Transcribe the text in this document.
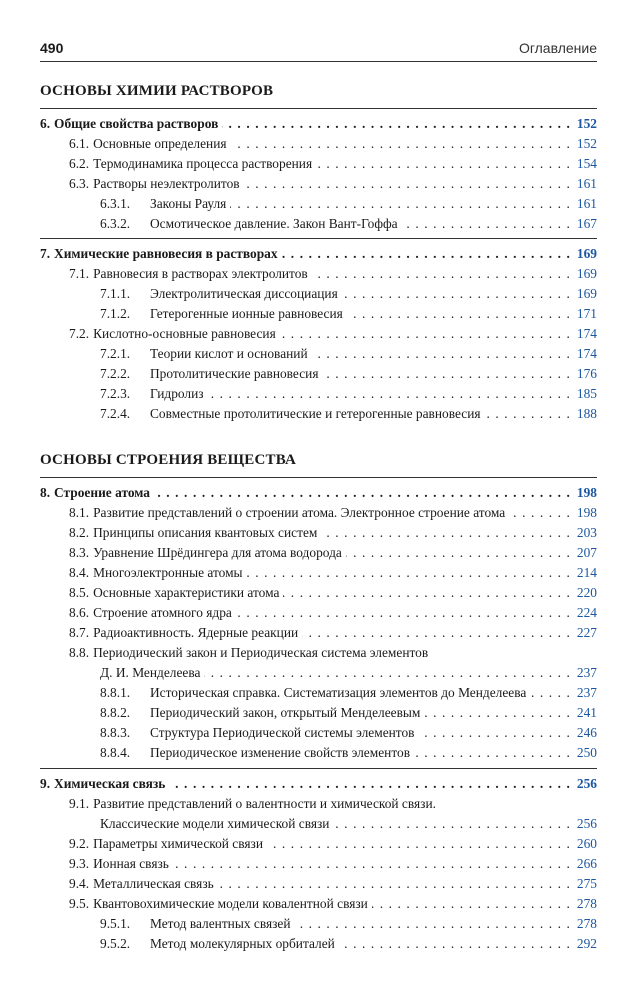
490	Оглавление
ОСНОВЫ ХИМИИ РАСТВОРОВ
6. Общие свойства растворов . . .	152
6.1. Основные определения . . .	152
6.2. Термодинамика процесса растворения . . .	154
6.3. Растворы неэлектролитов . . .	161
6.3.1.	Законы Рауля . . .	161
6.3.2.	Осмотическое давление. Закон Вант-Гоффа . . .	167
7. Химические равновесия в растворах . . .	169
7.1. Равновесия в растворах электролитов . . .	169
7.1.1.	Электролитическая диссоциация . . .	169
7.1.2.	Гетерогенные ионные равновесия . . .	171
7.2. Кислотно-основные равновесия . . .	174
7.2.1.	Теории кислот и оснований . . .	174
7.2.2.	Протолитические равновесия . . .	176
7.2.3.	Гидролиз . . .	185
7.2.4.	Совместные протолитические и гетерогенные равновесия . . .	188
ОСНОВЫ СТРОЕНИЯ ВЕЩЕСТВА
8. Строение атома . . .	198
8.1. Развитие представлений о строении атома. Электронное строение атома . . .	198
8.2. Принципы описания квантовых систем . . .	203
8.3. Уравнение Шрёдингера для атома водорода . . .	207
8.4. Многоэлектронные атомы . . .	214
8.5. Основные характеристики атома . . .	220
8.6. Строение атомного ядра . . .	224
8.7. Радиоактивность. Ядерные реакции . . .	227
8.8. Периодический закон и Периодическая система элементов
Д. И. Менделеева . . .	237
8.8.1.	Историческая справка. Систематизация элементов до Менделеева . . .	237
8.8.2.	Периодический закон, открытый Менделеевым . . .	241
8.8.3.	Структура Периодической системы элементов . . .	246
8.8.4.	Периодическое изменение свойств элементов . . .	250
9. Химическая связь . . .	256
9.1. Развитие представлений о валентности и химической связи.
Классические модели химической связи . . .	256
9.2. Параметры химической связи . . .	260
9.3. Ионная связь . . .	266
9.4. Металлическая связь . . .	275
9.5. Квантовохимические модели ковалентной связи . . .	278
9.5.1.	Метод валентных связей . . .	278
9.5.2.	Метод молекулярных орбиталей . . .	292
